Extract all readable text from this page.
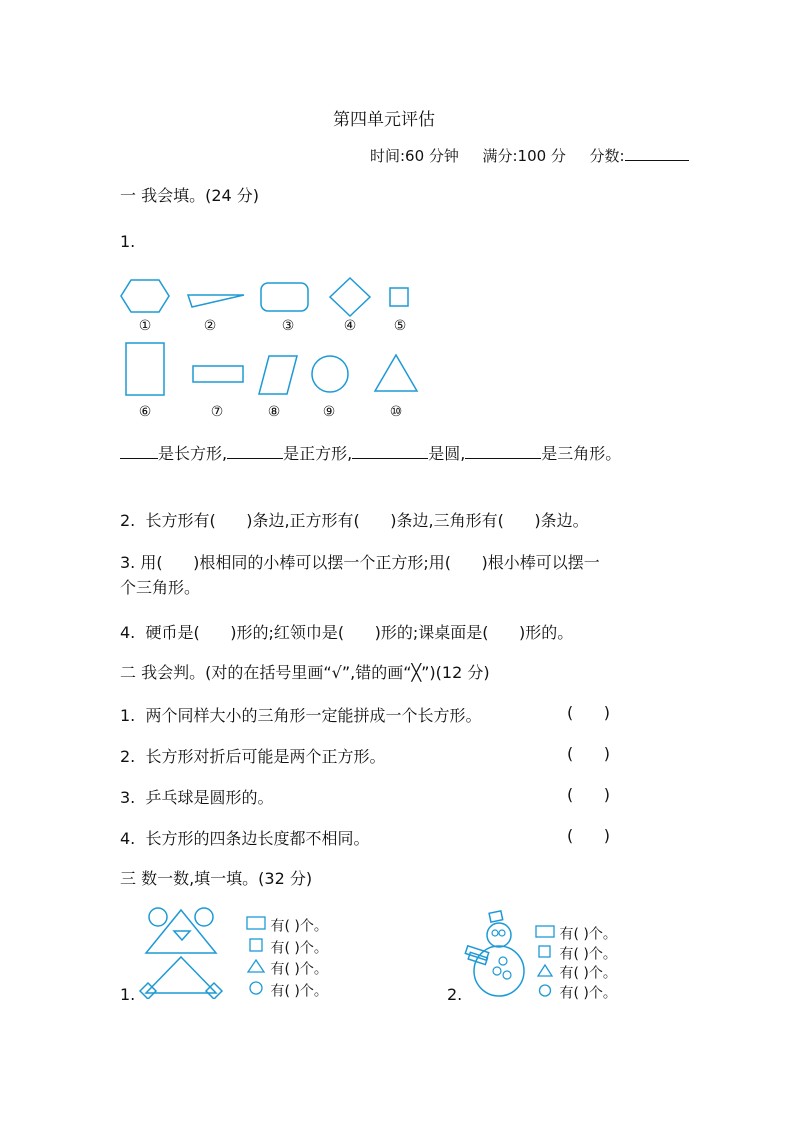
第四单元评估
时间:60 分钟 满分:100 分 分数:
一 我会填。(24 分)
1.
①	②	③	④	⑤
⑥	⑦	⑧	⑨	⑩
是长方形,	是正方形,	是圆,	是三角形。
2.  长方形有(      )条边,正方形有(      )条边,三角形有(      )条边。
3. 用(      )根相同的小棒可以摆一个正方形;用(      )根小棒可以摆一
个三角形。
4.  硬币是(      )形的;红领巾是(      )形的;课桌面是(      )形的。
二 我会判。(对的在括号里画“√”,错的画“╳”)(12 分)
1.  两个同样大小的三角形一定能拼成一个长方形。	(      )
2.  长方形对折后可能是两个正方形。	(      )
3.  乒乓球是圆形的。	(      )
4.  长方形的四条边长度都不相同。	(      )
三 数一数,填一填。(32 分)
1.
有( )个。
有( )个。
有( )个。
有( )个。	2.
有( )个。
有( )个。
有( )个。
有( )个。
